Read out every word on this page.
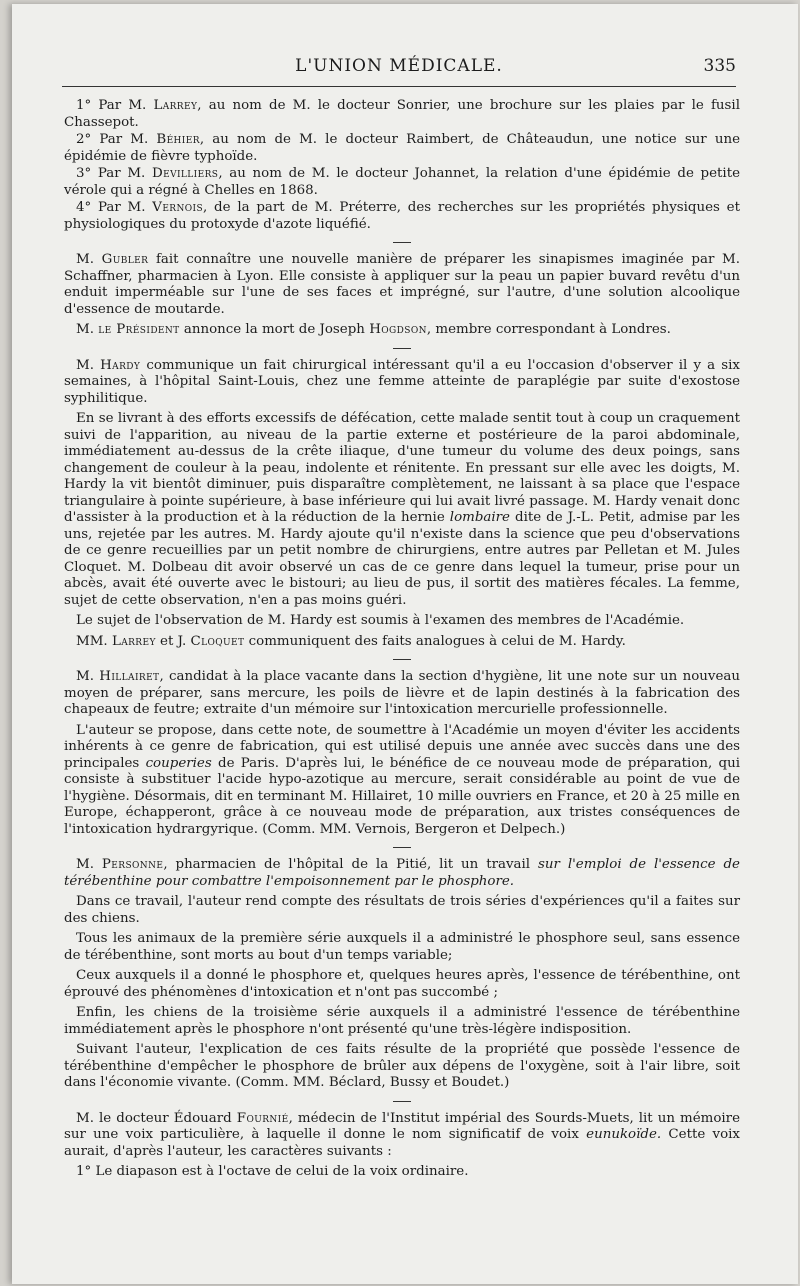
L'UNION MÉDICALE.	335

1° Par M. Larrey, au nom de M. le docteur Sonrier, une brochure sur les plaies par le fusil Chassepot.

2° Par M. Béhier, au nom de M. le docteur Raimbert, de Châteaudun, une notice sur une épidémie de fièvre typhoïde.

3° Par M. Devilliers, au nom de M. le docteur Johannet, la relation d'une épidémie de petite vérole qui a régné à Chelles en 1868.

4° Par M. Vernois, de la part de M. Préterre, des recherches sur les propriétés physiques et physiologiques du protoxyde d'azote liquéfié.

M. Gubler fait connaître une nouvelle manière de préparer les sinapismes imaginée par M. Schaffner, pharmacien à Lyon. Elle consiste à appliquer sur la peau un papier buvard revêtu d'un enduit imperméable sur l'une de ses faces et imprégné, sur l'autre, d'une solution alcoolique d'essence de moutarde.

M. le Président annonce la mort de Joseph Hogdson, membre correspondant à Londres.

M. Hardy communique un fait chirurgical intéressant qu'il a eu l'occasion d'observer il y a six semaines, à l'hôpital Saint-Louis, chez une femme atteinte de paraplégie par suite d'exostose syphilitique.

En se livrant à des efforts excessifs de défécation, cette malade sentit tout à coup un craquement suivi de l'apparition, au niveau de la partie externe et postérieure de la paroi abdominale, immédiatement au-dessus de la crête iliaque, d'une tumeur du volume des deux poings, sans changement de couleur à la peau, indolente et rénitente. En pressant sur elle avec les doigts, M. Hardy la vit bientôt diminuer, puis disparaître complètement, ne laissant à sa place que l'espace triangulaire à pointe supérieure, à base inférieure qui lui avait livré passage. M. Hardy venait donc d'assister à la production et à la réduction de la hernie lombaire dite de J.-L. Petit, admise par les uns, rejetée par les autres. M. Hardy ajoute qu'il n'existe dans la science que peu d'observations de ce genre recueillies par un petit nombre de chirurgiens, entre autres par Pelletan et M. Jules Cloquet. M. Dolbeau dit avoir observé un cas de ce genre dans lequel la tumeur, prise pour un abcès, avait été ouverte avec le bistouri; au lieu de pus, il sortit des matières fécales. La femme, sujet de cette observation, n'en a pas moins guéri.

Le sujet de l'observation de M. Hardy est soumis à l'examen des membres de l'Académie.

MM. Larrey et J. Cloquet communiquent des faits analogues à celui de M. Hardy.

M. Hillairet, candidat à la place vacante dans la section d'hygiène, lit une note sur un nouveau moyen de préparer, sans mercure, les poils de lièvre et de lapin destinés à la fabrication des chapeaux de feutre; extraite d'un mémoire sur l'intoxication mercurielle professionnelle.

L'auteur se propose, dans cette note, de soumettre à l'Académie un moyen d'éviter les accidents inhérents à ce genre de fabrication, qui est utilisé depuis une année avec succès dans une des principales couperies de Paris. D'après lui, le bénéfice de ce nouveau mode de préparation, qui consiste à substituer l'acide hypo-azotique au mercure, serait considérable au point de vue de l'hygiène. Désormais, dit en terminant M. Hillairet, 10 mille ouvriers en France, et 20 à 25 mille en Europe, échapperont, grâce à ce nouveau mode de préparation, aux tristes conséquences de l'intoxication hydrargyrique. (Comm. MM. Vernois, Bergeron et Delpech.)

M. Personne, pharmacien de l'hôpital de la Pitié, lit un travail sur l'emploi de l'essence de térébenthine pour combattre l'empoisonnement par le phosphore.

Dans ce travail, l'auteur rend compte des résultats de trois séries d'expériences qu'il a faites sur des chiens.

Tous les animaux de la première série auxquels il a administré le phosphore seul, sans essence de térébenthine, sont morts au bout d'un temps variable;

Ceux auxquels il a donné le phosphore et, quelques heures après, l'essence de térébenthine, ont éprouvé des phénomènes d'intoxication et n'ont pas succombé ;

Enfin, les chiens de la troisième série auxquels il a administré l'essence de térébenthine immédiatement après le phosphore n'ont présenté qu'une très-légère indisposition.

Suivant l'auteur, l'explication de ces faits résulte de la propriété que possède l'essence de térébenthine d'empêcher le phosphore de brûler aux dépens de l'oxygène, soit à l'air libre, soit dans l'économie vivante. (Comm. MM. Béclard, Bussy et Boudet.)

M. le docteur Édouard Fournié, médecin de l'Institut impérial des Sourds-Muets, lit un mémoire sur une voix particulière, à laquelle il donne le nom significatif de voix eunukoïde. Cette voix aurait, d'après l'auteur, les caractères suivants :

1° Le diapason est à l'octave de celui de la voix ordinaire.
